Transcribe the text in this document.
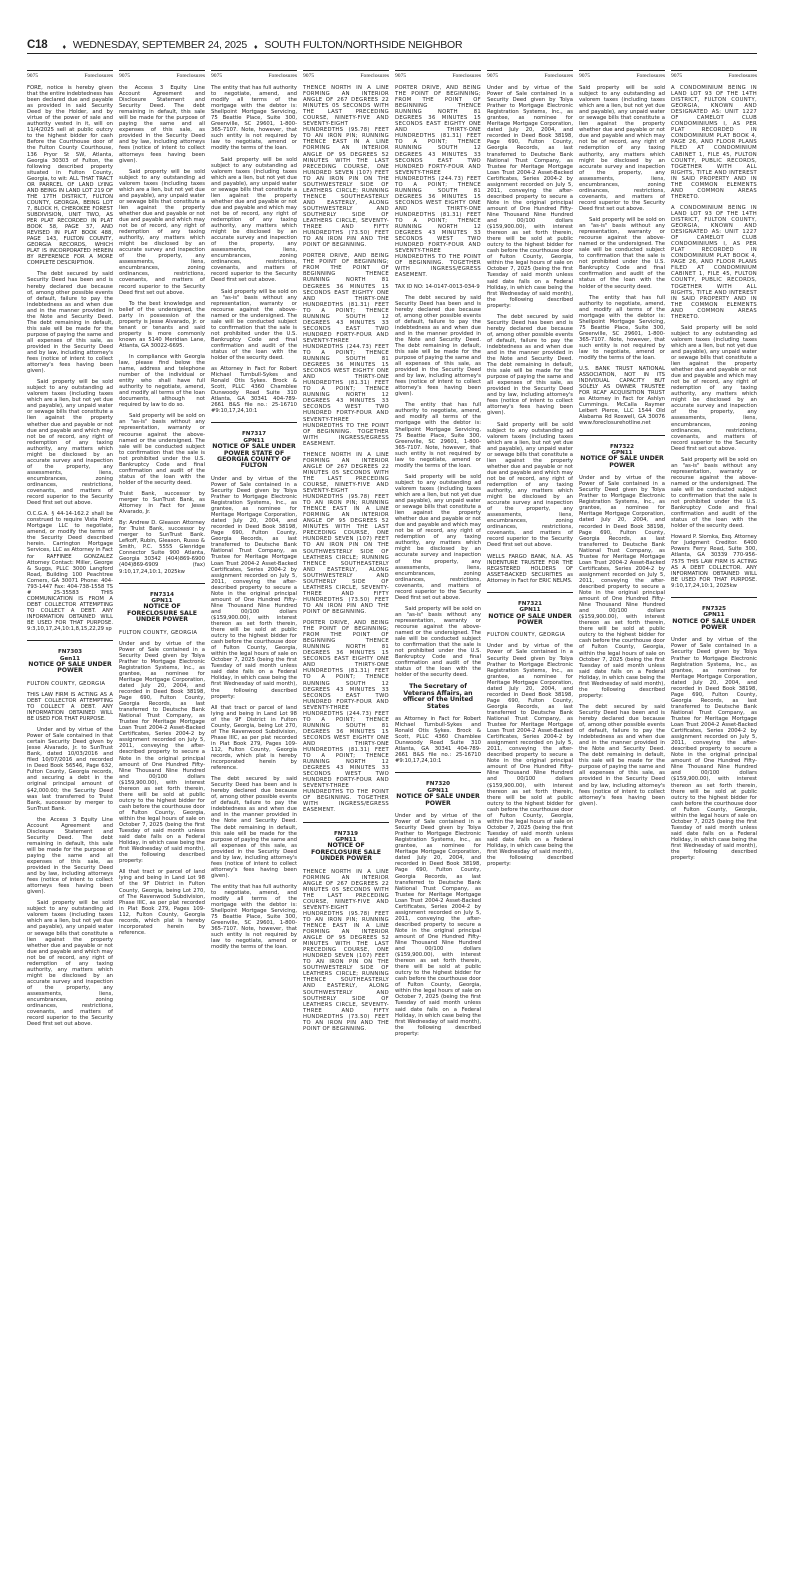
C18 ♦ WEDNESDAY, SEPTEMBER 24, 2025 ♦ SOUTH FULTON/NORTHSIDE NEIGHBOR
9075	Foreclosures

FORE, notice is hereby given that the entire indebtedness has been declared due and payable as provided in said Security Deed by the Holder, and by virtue of the power of sale and authority vested in it, will on 11/4/2025 sell at public outcry to the highest bidder for cash Before the Courthouse door of the Fulton County Courthouse, 136 Pryor St SW, Atlanta, Georgia 30303 of Fulton, the following described property situated in Fulton County, Georgia, to wit: ALL THAT TRACT OR PARRCEL OF LAND LYING AND BEING IN LAND LOT 219 OF THE 17TH DISTRICT, FULTON COUNTY, GEORGIA, BEING LOT 7, BLOCK H, CHEROKEE FOREST SUBDIVISION, UNIT TWO, AS PER PLAT RECORDED IN PLAT BOOK 58, PAGE 37, AND REVISED IN PLAT BOOK 488, PAGE 143, FULTON COUNTY, GEORGIA RECORDS, WHICH PLAT IS INCORPORATED HEREIN BY REFERENCE FOR A MORE COMPLETE DESCRIPTION.

The debt secured by said Security Deed has been and is hereby declared due because of, among other possible events of default, failure to pay the indebtedness as and when due and in the manner provided in the Note and Security Deed. The debt remaining in default, this sale will be made for the purpose of paying the same and all expenses of this sale, as provided in the Security Deed and by law, including attorney's fees (notice of intent to collect attorney's fees having been given).

Said property will be sold subject to any outstanding ad valorem taxes (including taxes which are a lien, but not yet due and payable), any unpaid water or sewage bills that constitute a lien against the property whether due and payable or not due and payable and which may not be of record, any right of redemption of any taxing authority, any matters which might be disclosed by an accurate survey and inspection of the property, any assessments, liens, encumbrances, zoning ordinances, restrictions, covenants, and matters of record superior to the Security Deed first set out above.

O.C.G.A. § 44-14-162.2 shall be construed to require Vista Point Mortgage LLC to negotiate, amend, or modify the terms of the Security Deed described herein. Carrington Mortgage Services, LLC as Attorney in Fact for RAFFINEE GONZALEZ Attorney Contact: Miller, George & Suggs, PLLC 3000 Langford Road, Building 100 Peachtree Corners, GA 30071 Phone: 404-793-1447 Fax: 404-738-1558 TS # 25-35583 THIS COMMUNICATION IS FROM A DEBT COLLECTOR ATTEMPTING TO COLLECT A DEBT. ANY INFORMATION OBTAINED WILL BE USED FOR THAT PURPOSE. 9:3,10,17,24,10:1,8,15,22,29 sp

FN7303
Gen11

NOTICE OF SALE UNDER POWER

FULTON COUNTY, GEORGIA

THIS LAW FIRM IS ACTING AS A DEBT COLLECTOR ATTEMPTING TO COLLECT A DEBT. ANY INFORMATION OBTAINED WILL BE USED FOR THAT PURPOSE.

Under and by virtue of the Power of Sale contained in that certain Security Deed given by Jesse Alvarado, Jr. to SunTrust Bank, dated 10/03/2016 and filed 10/07/2016 and recorded in Deed Book 56546, Page 632, Fulton County, Georgia records, and securing a debt in the original principal amount of $42,000.00; the Security Deed was last transferred to Truist Bank, successor by merger to SunTrust Bank.

the Access 3 Equity Line Account Agreement and Disclosure Statement and Security Deed. The debt remaining in default, this sale will be made for the purpose of paying the same and all expenses of this sale, as provided in the Security Deed and by law, including attorneys fees (notice of intent to collect attorneys fees having been given).

Said property will be sold subject to any outstanding ad valorem taxes (including taxes which are a lien, but not yet due and payable), any unpaid water or sewage bills that constitute a lien against the property whether due and payable or not due and payable and which may not be of record, any right of redemption of any taxing authority, any matters which might be disclosed by an accurate survey and inspection of the property, any assessments, liens, encumbrances, zoning ordinances, restrictions, covenants, and matters of record superior to the Security Deed first set out above.

9075	Foreclosures

the Access 3 Equity Line Account Agreement and Disclosure Statement and Security Deed. The debt remaining in default, this sale will be made for the purpose of paying the same and all expenses of this sale, as provided in the Security Deed and by law, including attorneys fees (notice of intent to collect attorneys fees having been given).

Said property will be sold subject to any outstanding ad valorem taxes (including taxes which are a lien, but not yet due and payable), any unpaid water or sewage bills that constitute a lien against the property whether due and payable or not due and payable and which may not be of record, any right of redemption of any taxing authority, any matters which might be disclosed by an accurate survey and inspection of the property, any assessments, liens, encumbrances, zoning ordinances, restrictions, covenants, and matters of record superior to the Security Deed first set out above.

To the best knowledge and belief of the undersigned, the party in possession of the property is Jesse Alvarado, Jr. or tenant or tenants and said property is more commonly known as 5140 Meridian Lane, Atlanta, GA 30022-6695.

In compliance with Georgia law, please find below the name, address and telephone number of the individual or entity who shall have full authority to negotiate, amend, and modify all terms of the loan documents, although not required by law to do so.

Said property will be sold on an "as-is" basis without any representation, warranty or recourse against the above-named or the undersigned. The sale will be conducted subject to confirmation that the sale is not prohibited under the U.S. Bankruptcy Code and final confirmation and audit of the status of the loan with the holder of the security deed.

Truist Bank, successor by merger to SunTrust Bank, as Attorney in Fact for Jesse Alvarado, Jr.

By: Andrew D. Gleason Attorney for Truist Bank, successor by merger to SunTrust Bank. Lefkoff, Rubin, Gleason, Russo & Smith, P.C. 5555 Glenridge Connector Suite 900 Atlanta, Georgia 30342 (404)869-6900 (404)869-6909 (fax) 9:10,17,24,10:1, 2025kw

FN7314
GPN11

NOTICE OF FORECLOSURE SALE UNDER POWER

FULTON COUNTY, GEORGIA

Under and by virtue of the Power of Sale contained in a Security Deed given by Toiya Prather to Mortgage Electronic Registration Systems, Inc., as grantee, as nominee for Meritage Mortgage Corporation, dated July 20, 2004, and recorded in Deed Book 38198, Page 690, Fulton County, Georgia Records, as last transferred to Deutsche Bank National Trust Company, as Trustee for Meritage Mortgage Loan Trust 2004-2 Asset-Backed Certificates, Series 2004-2 by assignment recorded on July 5, 2011, conveying the after-described property to secure a Note in the original principal amount of One Hundred Fifty-Nine Thousand Nine Hundred and 00/100 dollars ($159,900.00), with interest thereon as set forth therein, there will be sold at public outcry to the highest bidder for cash before the courthouse door of Fulton County, Georgia, within the legal hours of sale on October 7, 2025 (being the first Tuesday of said month unless said date falls on a Federal Holiday, in which case being the first Wednesday of said month), the following described property:

All that tract or parcel of land lying and being in Land Lot 98 of the 9F District in Fulton County, Georgia, being Lot 270, of The Ravenwood Subdivision, Phase IIIC, as per plat recorded in Plat Book 279, Pages 109-112, Fulton County, Georgia records, which plat is hereby incorporated herein by reference.

9075	Foreclosures

The entity that has full authority to negotiate, amend, and modify all terms of the mortgage with the debtor is: Shellpoint Mortgage Servicing, 75 Beattie Place, Suite 300, Greenville, SC 29601, 1-800-365-7107. Note, however, that such entity is not required by law to negotiate, amend or modify the terms of the loan.

Said property will be sold subject to any outstanding ad valorem taxes (including taxes which are a lien, but not yet due and payable), any unpaid water or sewage bills that constitute a lien against the property whether due and payable or not due and payable and which may not be of record, any right of redemption of any taxing authority, any matters which might be disclosed by an accurate survey and inspection of the property, any assessments, liens, encumbrances, zoning ordinances, restrictions, covenants, and matters of record superior to the Security Deed first set out above.

Said property will be sold on an "as-is" basis without any representation, warranty or recourse against the above-named or the undersigned. The sale will be conducted subject to confirmation that the sale is not prohibited under the U.S. Bankruptcy Code and final confirmation and audit of the status of the loan with the holder of the security deed.

as Attorney in Fact for Robert Michael Turnbull-Sykes and Ronald Otis Sykes. Brock & Scott, PLLC 4360 Chamblee Dunwoody Road Suite 310 Atlanta, GA 30341 404-789-2661 B&S file no.: 25-16710 #9:10,17,24,10:1

FN7317
GPN11

NOTICE OF SALE UNDER POWER STATE OF GEORGIA COUNTY OF FULTON

Under and by virtue of the Power of Sale contained in a Security Deed given by Toiya Prather to Mortgage Electronic Registration Systems, Inc., as grantee, as nominee for Meritage Mortgage Corporation, dated July 20, 2004, and recorded in Deed Book 38198, Page 690, Fulton County, Georgia Records, as last transferred to Deutsche Bank National Trust Company, as Trustee for Meritage Mortgage Loan Trust 2004-2 Asset-Backed Certificates, Series 2004-2 by assignment recorded on July 5, 2011, conveying the after-described property to secure a Note in the original principal amount of One Hundred Fifty-Nine Thousand Nine Hundred and 00/100 dollars ($159,900.00), with interest thereon as set forth therein, there will be sold at public outcry to the highest bidder for cash before the courthouse door of Fulton County, Georgia, within the legal hours of sale on October 7, 2025 (being the first Tuesday of said month unless said date falls on a Federal Holiday, in which case being the first Wednesday of said month), the following described property:

All that tract or parcel of land lying and being in Land Lot 98 of the 9F District in Fulton County, Georgia, being Lot 270, of The Ravenwood Subdivision, Phase IIIC, as per plat recorded in Plat Book 279, Pages 109-112, Fulton County, Georgia records, which plat is hereby incorporated herein by reference.

The debt secured by said Security Deed has been and is hereby declared due because of, among other possible events of default, failure to pay the indebtedness as and when due and in the manner provided in the Note and Security Deed. The debt remaining in default, this sale will be made for the purpose of paying the same and all expenses of this sale, as provided in the Security Deed and by law, including attorney's fees (notice of intent to collect attorney's fees having been given).

The entity that has full authority to negotiate, amend, and modify all terms of the mortgage with the debtor is: Shellpoint Mortgage Servicing, 75 Beattie Place, Suite 300, Greenville, SC 29601, 1-800-365-7107. Note, however, that such entity is not required by law to negotiate, amend or modify the terms of the loan.

9075	Foreclosures

THENCE NORTH IN A LINE FORMING AN INTERIOR ANGLE OF 267 DEGREES 22 MINUTES 05 SECONDS WITH THE LAST PRECEDING COURSE, NINETY-FIVE AND SEVENTY-EIGHT HUNDREDTHS (95.78) FEET TO AN IRON PIN; RUNNING THENCE EAST IN A LINE FORMING AN INTERIOR ANGLE OF 95 DEGREES 52 MINUTES WITH THE LAST PRECEDING COURSE, ONE HUNDRED SEVEN (107) FEET TO AN IRON PIN ON THE SOUTHWESTERLY SIDE OF LEATHERS CIRCLE; RUNNING THENCE SOUTHEASTERLY AND EASTERLY, ALONG SOUTHWESTERLY AND SOUTHERLY SIDE OF LEATHERS CIRCLE, SEVENTY-THREE AND FIFTY HUNDREDTHS (73.50) FEET TO AN IRON PIN AND THE POINT OF BEGINNING.

PORTER DRIVE, AND BEING THE POINT OF BEGINNING; FROM THE POINT OF BEGINNING THENCE RUNNING NORTH 81 DEGREES 36 MINUTES 15 SECONDS EAST EIGHTY ONE AND THIRTY-ONE HUNDREDTHS (81.31) FEET TO A POINT; THENCE RUNNING SOUTH 12 DEGREES 43 MINUTES 33 SECONDS EAST TWO HUNDRED FORTY-FOUR AND SEVENTY-THREE HUNDREDTHS (244.73) FEET TO A POINT; THENCE RUNNING SOUTH 81 DEGREES 36 MINUTES 15 SECONDS WEST EIGHTY ONE AND THIRTY-ONE HUNDREDTHS (81.31) FEET TO A POINT; THENCE RUNNING NORTH 12 DEGREES 43 MINUTES 33 SECONDS WEST TWO HUNDRED FORTY-FOUR AND SEVENTY-THREE HUNDREDTHS TO THE POINT OF BEGINNING. TOGETHER WITH INGRESS/EGRESS EASEMENT.

THENCE NORTH IN A LINE FORMING AN INTERIOR ANGLE OF 267 DEGREES 22 MINUTES 05 SECONDS WITH THE LAST PRECEDING COURSE, NINETY-FIVE AND SEVENTY-EIGHT HUNDREDTHS (95.78) FEET TO AN IRON PIN; RUNNING THENCE EAST IN A LINE FORMING AN INTERIOR ANGLE OF 95 DEGREES 52 MINUTES WITH THE LAST PRECEDING COURSE, ONE HUNDRED SEVEN (107) FEET TO AN IRON PIN ON THE SOUTHWESTERLY SIDE OF LEATHERS CIRCLE; RUNNING THENCE SOUTHEASTERLY AND EASTERLY, ALONG SOUTHWESTERLY AND SOUTHERLY SIDE OF LEATHERS CIRCLE, SEVENTY-THREE AND FIFTY HUNDREDTHS (73.50) FEET TO AN IRON PIN AND THE POINT OF BEGINNING.

PORTER DRIVE, AND BEING THE POINT OF BEGINNING; FROM THE POINT OF BEGINNING THENCE RUNNING NORTH 81 DEGREES 36 MINUTES 15 SECONDS EAST EIGHTY ONE AND THIRTY-ONE HUNDREDTHS (81.31) FEET TO A POINT; THENCE RUNNING SOUTH 12 DEGREES 43 MINUTES 33 SECONDS EAST TWO HUNDRED FORTY-FOUR AND SEVENTY-THREE HUNDREDTHS (244.73) FEET TO A POINT; THENCE RUNNING SOUTH 81 DEGREES 36 MINUTES 15 SECONDS WEST EIGHTY ONE AND THIRTY-ONE HUNDREDTHS (81.31) FEET TO A POINT; THENCE RUNNING NORTH 12 DEGREES 43 MINUTES 33 SECONDS WEST TWO HUNDRED FORTY-FOUR AND SEVENTY-THREE HUNDREDTHS TO THE POINT OF BEGINNING. TOGETHER WITH INGRESS/EGRESS EASEMENT.

FN7319
GPN11

NOTICE OF FORECLOSURE SALE UNDER POWER

THENCE NORTH IN A LINE FORMING AN INTERIOR ANGLE OF 267 DEGREES 22 MINUTES 05 SECONDS WITH THE LAST PRECEDING COURSE, NINETY-FIVE AND SEVENTY-EIGHT HUNDREDTHS (95.78) FEET TO AN IRON PIN; RUNNING THENCE EAST IN A LINE FORMING AN INTERIOR ANGLE OF 95 DEGREES 52 MINUTES WITH THE LAST PRECEDING COURSE, ONE HUNDRED SEVEN (107) FEET TO AN IRON PIN ON THE SOUTHWESTERLY SIDE OF LEATHERS CIRCLE; RUNNING THENCE SOUTHEASTERLY AND EASTERLY, ALONG SOUTHWESTERLY AND SOUTHERLY SIDE OF LEATHERS CIRCLE, SEVENTY-THREE AND FIFTY HUNDREDTHS (73.50) FEET TO AN IRON PIN AND THE POINT OF BEGINNING.

9075	Foreclosures

PORTER DRIVE, AND BEING THE POINT OF BEGINNING; FROM THE POINT OF BEGINNING THENCE RUNNING NORTH 81 DEGREES 36 MINUTES 15 SECONDS EAST EIGHTY ONE AND THIRTY-ONE HUNDREDTHS (81.31) FEET TO A POINT; THENCE RUNNING SOUTH 12 DEGREES 43 MINUTES 33 SECONDS EAST TWO HUNDRED FORTY-FOUR AND SEVENTY-THREE HUNDREDTHS (244.73) FEET TO A POINT; THENCE RUNNING SOUTH 81 DEGREES 36 MINUTES 15 SECONDS WEST EIGHTY ONE AND THIRTY-ONE HUNDREDTHS (81.31) FEET TO A POINT; THENCE RUNNING NORTH 12 DEGREES 43 MINUTES 33 SECONDS WEST TWO HUNDRED FORTY-FOUR AND SEVENTY-THREE HUNDREDTHS TO THE POINT OF BEGINNING. TOGETHER WITH INGRESS/EGRESS EASEMENT.

TAX ID NO: 14-0147-0013-034-9

The debt secured by said Security Deed has been and is hereby declared due because of, among other possible events of default, failure to pay the indebtedness as and when due and in the manner provided in the Note and Security Deed. The debt remaining in default, this sale will be made for the purpose of paying the same and all expenses of this sale, as provided in the Security Deed and by law, including attorney's fees (notice of intent to collect attorney's fees having been given).

The entity that has full authority to negotiate, amend, and modify all terms of the mortgage with the debtor is: Shellpoint Mortgage Servicing, 75 Beattie Place, Suite 300, Greenville, SC 29601, 1-800-365-7107. Note, however, that such entity is not required by law to negotiate, amend or modify the terms of the loan.

Said property will be sold subject to any outstanding ad valorem taxes (including taxes which are a lien, but not yet due and payable), any unpaid water or sewage bills that constitute a lien against the property whether due and payable or not due and payable and which may not be of record, any right of redemption of any taxing authority, any matters which might be disclosed by an accurate survey and inspection of the property, any assessments, liens, encumbrances, zoning ordinances, restrictions, covenants, and matters of record superior to the Security Deed first set out above.

Said property will be sold on an "as-is" basis without any representation, warranty or recourse against the above-named or the undersigned. The sale will be conducted subject to confirmation that the sale is not prohibited under the U.S. Bankruptcy Code and final confirmation and audit of the status of the loan with the holder of the security deed.

The Secretary of Veterans Affairs, an officer of the United States

as Attorney in Fact for Robert Michael Turnbull-Sykes and Ronald Otis Sykes. Brock & Scott, PLLC 4360 Chamblee Dunwoody Road Suite 310 Atlanta, GA 30341 404-789-2661 B&S file no.: 25-16710 #9:10,17,24,10:1

FN7320
GPN11

NOTICE OF SALE UNDER POWER

Under and by virtue of the Power of Sale contained in a Security Deed given by Toiya Prather to Mortgage Electronic Registration Systems, Inc., as grantee, as nominee for Meritage Mortgage Corporation, dated July 20, 2004, and recorded in Deed Book 38198, Page 690, Fulton County, Georgia Records, as last transferred to Deutsche Bank National Trust Company, as Trustee for Meritage Mortgage Loan Trust 2004-2 Asset-Backed Certificates, Series 2004-2 by assignment recorded on July 5, 2011, conveying the after-described property to secure a Note in the original principal amount of One Hundred Fifty-Nine Thousand Nine Hundred and 00/100 dollars ($159,900.00), with interest thereon as set forth therein, there will be sold at public outcry to the highest bidder for cash before the courthouse door of Fulton County, Georgia, within the legal hours of sale on October 7, 2025 (being the first Tuesday of said month unless said date falls on a Federal Holiday, in which case being the first Wednesday of said month), the following described property:

9075	Foreclosures

Under and by virtue of the Power of Sale contained in a Security Deed given by Toiya Prather to Mortgage Electronic Registration Systems, Inc., as grantee, as nominee for Meritage Mortgage Corporation, dated July 20, 2004, and recorded in Deed Book 38198, Page 690, Fulton County, Georgia Records, as last transferred to Deutsche Bank National Trust Company, as Trustee for Meritage Mortgage Loan Trust 2004-2 Asset-Backed Certificates, Series 2004-2 by assignment recorded on July 5, 2011, conveying the after-described property to secure a Note in the original principal amount of One Hundred Fifty-Nine Thousand Nine Hundred and 00/100 dollars ($159,900.00), with interest thereon as set forth therein, there will be sold at public outcry to the highest bidder for cash before the courthouse door of Fulton County, Georgia, within the legal hours of sale on October 7, 2025 (being the first Tuesday of said month unless said date falls on a Federal Holiday, in which case being the first Wednesday of said month), the following described property:

The debt secured by said Security Deed has been and is hereby declared due because of, among other possible events of default, failure to pay the indebtedness as and when due and in the manner provided in the Note and Security Deed. The debt remaining in default, this sale will be made for the purpose of paying the same and all expenses of this sale, as provided in the Security Deed and by law, including attorney's fees (notice of intent to collect attorney's fees having been given).

Said property will be sold subject to any outstanding ad valorem taxes (including taxes which are a lien, but not yet due and payable), any unpaid water or sewage bills that constitute a lien against the property whether due and payable or not due and payable and which may not be of record, any right of redemption of any taxing authority, any matters which might be disclosed by an accurate survey and inspection of the property, any assessments, liens, encumbrances, zoning ordinances, restrictions, covenants, and matters of record superior to the Security Deed first set out above.

WELLS FARGO BANK, N.A. AS INDENTURE TRUSTEE FOR THE REGISTERED HOLDERS OF ASSET-BACKED SECURITIES as Attorney in Fact for ERIC NELMS.

FN7321
GPN11

NOTICE OF SALE UNDER POWER

FULTON COUNTY, GEORGIA

Under and by virtue of the Power of Sale contained in a Security Deed given by Toiya Prather to Mortgage Electronic Registration Systems, Inc., as grantee, as nominee for Meritage Mortgage Corporation, dated July 20, 2004, and recorded in Deed Book 38198, Page 690, Fulton County, Georgia Records, as last transferred to Deutsche Bank National Trust Company, as Trustee for Meritage Mortgage Loan Trust 2004-2 Asset-Backed Certificates, Series 2004-2 by assignment recorded on July 5, 2011, conveying the after-described property to secure a Note in the original principal amount of One Hundred Fifty-Nine Thousand Nine Hundred and 00/100 dollars ($159,900.00), with interest thereon as set forth therein, there will be sold at public outcry to the highest bidder for cash before the courthouse door of Fulton County, Georgia, within the legal hours of sale on October 7, 2025 (being the first Tuesday of said month unless said date falls on a Federal Holiday, in which case being the first Wednesday of said month), the following described property:

9075	Foreclosures

Said property will be sold subject to any outstanding ad valorem taxes (including taxes which are a lien, but not yet due and payable), any unpaid water or sewage bills that constitute a lien against the property whether due and payable or not due and payable and which may not be of record, any right of redemption of any taxing authority, any matters which might be disclosed by an accurate survey and inspection of the property, any assessments, liens, encumbrances, zoning ordinances, restrictions, covenants, and matters of record superior to the Security Deed first set out above.

Said property will be sold on an "as-is" basis without any representation, warranty or recourse against the above-named or the undersigned. The sale will be conducted subject to confirmation that the sale is not prohibited under the U.S. Bankruptcy Code and final confirmation and audit of the status of the loan with the holder of the security deed.

The entity that has full authority to negotiate, amend, and modify all terms of the mortgage with the debtor is: Shellpoint Mortgage Servicing, 75 Beattie Place, Suite 300, Greenville, SC 29601, 1-800-365-7107. Note, however, that such entity is not required by law to negotiate, amend or modify the terms of the loan.

U.S. BANK TRUST NATIONAL ASSOCIATION, NOT IN ITS INDIVIDUAL CAPACITY BUT SOLELY AS OWNER TRUSTEE FOR RCAF ACQUISITION TRUST as Attorney in Fact for Ashlyn Cummings. McCalla Raymer Leibert Pierce, LLC 1544 Old Alabama Rd Roswell, GA 30076 www.foreclosurehotline.net

FN7322
GPN11

NOTICE OF SALE UNDER POWER

Under and by virtue of the Power of Sale contained in a Security Deed given by Toiya Prather to Mortgage Electronic Registration Systems, Inc., as grantee, as nominee for Meritage Mortgage Corporation, dated July 20, 2004, and recorded in Deed Book 38198, Page 690, Fulton County, Georgia Records, as last transferred to Deutsche Bank National Trust Company, as Trustee for Meritage Mortgage Loan Trust 2004-2 Asset-Backed Certificates, Series 2004-2 by assignment recorded on July 5, 2011, conveying the after-described property to secure a Note in the original principal amount of One Hundred Fifty-Nine Thousand Nine Hundred and 00/100 dollars ($159,900.00), with interest thereon as set forth therein, there will be sold at public outcry to the highest bidder for cash before the courthouse door of Fulton County, Georgia, within the legal hours of sale on October 7, 2025 (being the first Tuesday of said month unless said date falls on a Federal Holiday, in which case being the first Wednesday of said month), the following described property:

The debt secured by said Security Deed has been and is hereby declared due because of, among other possible events of default, failure to pay the indebtedness as and when due and in the manner provided in the Note and Security Deed. The debt remaining in default, this sale will be made for the purpose of paying the same and all expenses of this sale, as provided in the Security Deed and by law, including attorney's fees (notice of intent to collect attorney's fees having been given).

9075	Foreclosures

A CONDOMINIUM BEING IN LAND LOT 93 OF THE 14TH DISTRICT, FULTON COUNTY, GEORGIA, KNOWN AND DESIGNATED AS: UNIT 1227 OF CAMELOT CLUB CONDOMINIUMS I, AS PER PLAT RECORDED IN CONDOMINIUM PLAT BOOK 4, PAGE 26, AND FLOOR PLANS FILED AT CONDOMINIUM CABINET 1, FILE 45, FULTON COUNTY, PUBLIC RECORDS, TOGETHER WITH ALL RIGHTS, TITLE AND INTEREST IN SAID PROPERTY AND IN THE COMMON ELEMENTS AND COMMON AREAS THERETO.

A CONDOMINIUM BEING IN LAND LOT 93 OF THE 14TH DISTRICT, FULTON COUNTY, GEORGIA, KNOWN AND DESIGNATED AS: UNIT 1227 OF CAMELOT CLUB CONDOMINIUMS I, AS PER PLAT RECORDED IN CONDOMINIUM PLAT BOOK 4, PAGE 26, AND FLOOR PLANS FILED AT CONDOMINIUM CABINET 1, FILE 45, FULTON COUNTY, PUBLIC RECORDS, TOGETHER WITH ALL RIGHTS, TITLE AND INTEREST IN SAID PROPERTY AND IN THE COMMON ELEMENTS AND COMMON AREAS THERETO.

Said property will be sold subject to any outstanding ad valorem taxes (including taxes which are a lien, but not yet due and payable), any unpaid water or sewage bills that constitute a lien against the property whether due and payable or not due and payable and which may not be of record, any right of redemption of any taxing authority, any matters which might be disclosed by an accurate survey and inspection of the property, any assessments, liens, encumbrances, zoning ordinances, restrictions, covenants, and matters of record superior to the Security Deed first set out above.

Said property will be sold on an "as-is" basis without any representation, warranty or recourse against the above-named or the undersigned. The sale will be conducted subject to confirmation that the sale is not prohibited under the U.S. Bankruptcy Code and final confirmation and audit of the status of the loan with the holder of the security deed.

Howard P. Slomka, Esq. Attorney for Judgment Creditor. 6400 Powers Ferry Road, Suite 300, Atlanta, GA 30339 770-956-7575 THIS LAW FIRM IS ACTING AS A DEBT COLLECTOR. ANY INFORMATION OBTAINED WILL BE USED FOR THAT PURPOSE. 9:10,17,24,10:1, 2025kw

FN7325
GPN11

NOTICE OF SALE UNDER POWER

Under and by virtue of the Power of Sale contained in a Security Deed given by Toiya Prather to Mortgage Electronic Registration Systems, Inc., as grantee, as nominee for Meritage Mortgage Corporation, dated July 20, 2004, and recorded in Deed Book 38198, Page 690, Fulton County, Georgia Records, as last transferred to Deutsche Bank National Trust Company, as Trustee for Meritage Mortgage Loan Trust 2004-2 Asset-Backed Certificates, Series 2004-2 by assignment recorded on July 5, 2011, conveying the after-described property to secure a Note in the original principal amount of One Hundred Fifty-Nine Thousand Nine Hundred and 00/100 dollars ($159,900.00), with interest thereon as set forth therein, there will be sold at public outcry to the highest bidder for cash before the courthouse door of Fulton County, Georgia, within the legal hours of sale on October 7, 2025 (being the first Tuesday of said month unless said date falls on a Federal Holiday, in which case being the first Wednesday of said month), the following described property:
